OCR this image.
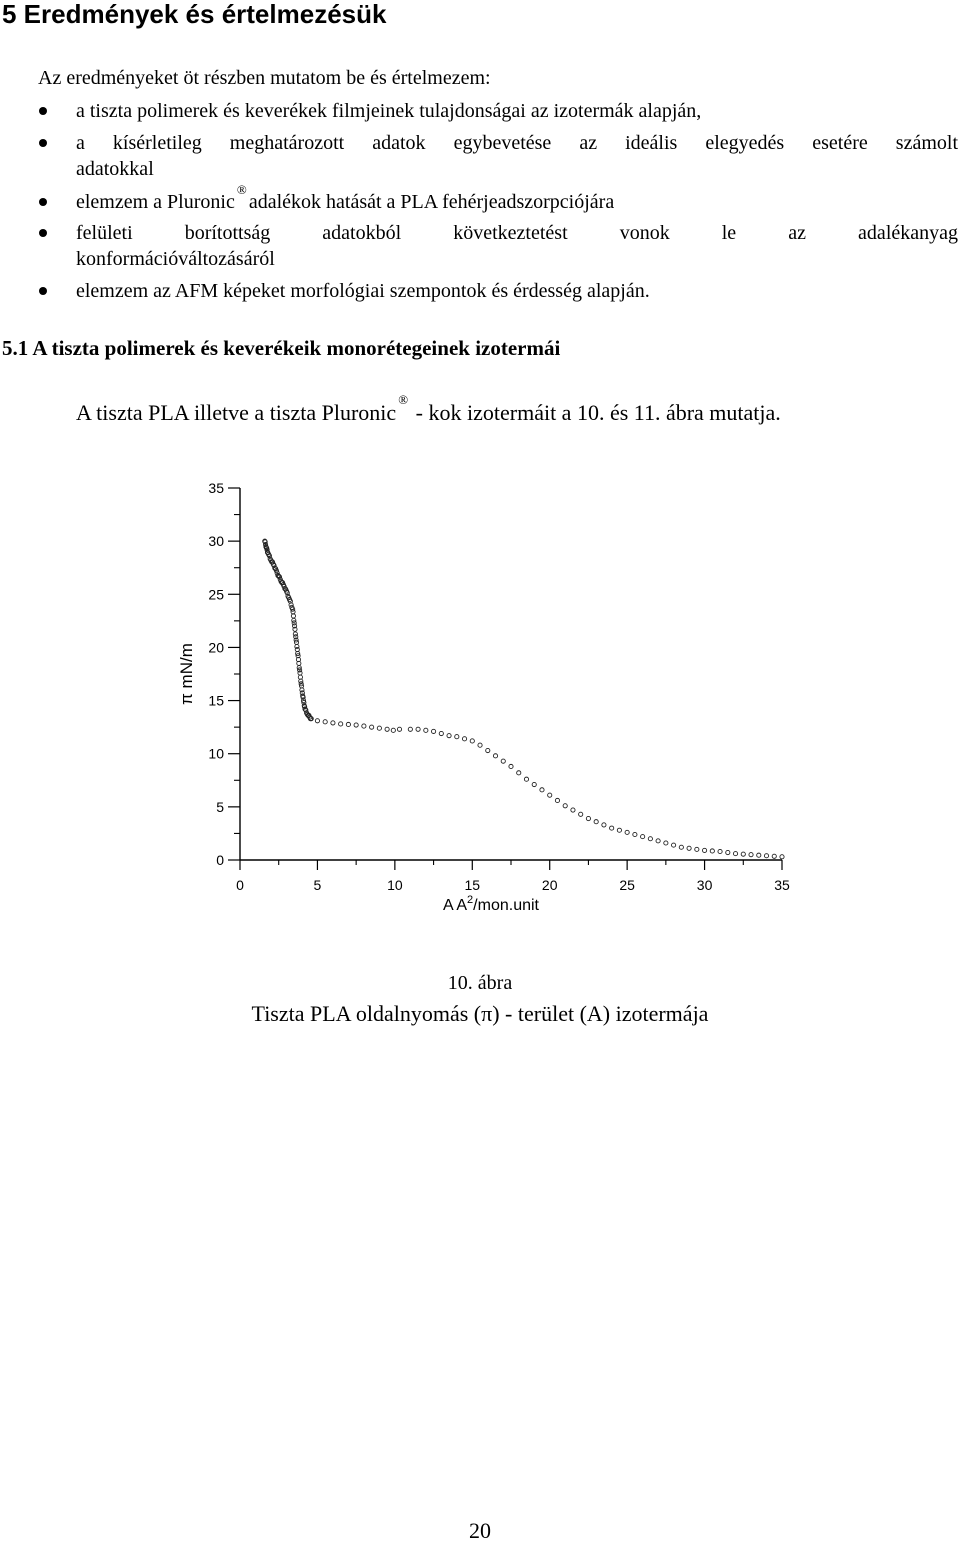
5 Eredmények és értelmezésük

Az eredményeket öt részben mutatom be és értelmezem:

a tiszta polimerek és keverékek filmjeinek tulajdonságai az izotermák alapján,
a kísérletileg meghatározott adatok egybevetése az ideális elegyedés esetére számolt
adatokkal
elemzem a Pluronic®adalékok hatását a PLA fehérjeadszorpciójára
felületi borítottság adatokból következtetést vonok le az adalékanyag
konformációváltozásáról
elemzem az AFM képeket morfológiai szempontok és érdesség alapján.
5.1 A tiszta polimerek és keverékeik monorétegeinek izotermái

A tiszta PLA illetve a tiszta Pluronic® - kok izotermáit a 10. és 11. ábra mutatja.

0
5
10
15
20
25
30
35
0	5	10	15	20	25	30	35
π mN/m
A $A^2/mon.unit$
10. ábra
Tiszta PLA oldalnyomás (π) - terület (A) izotermája
20
